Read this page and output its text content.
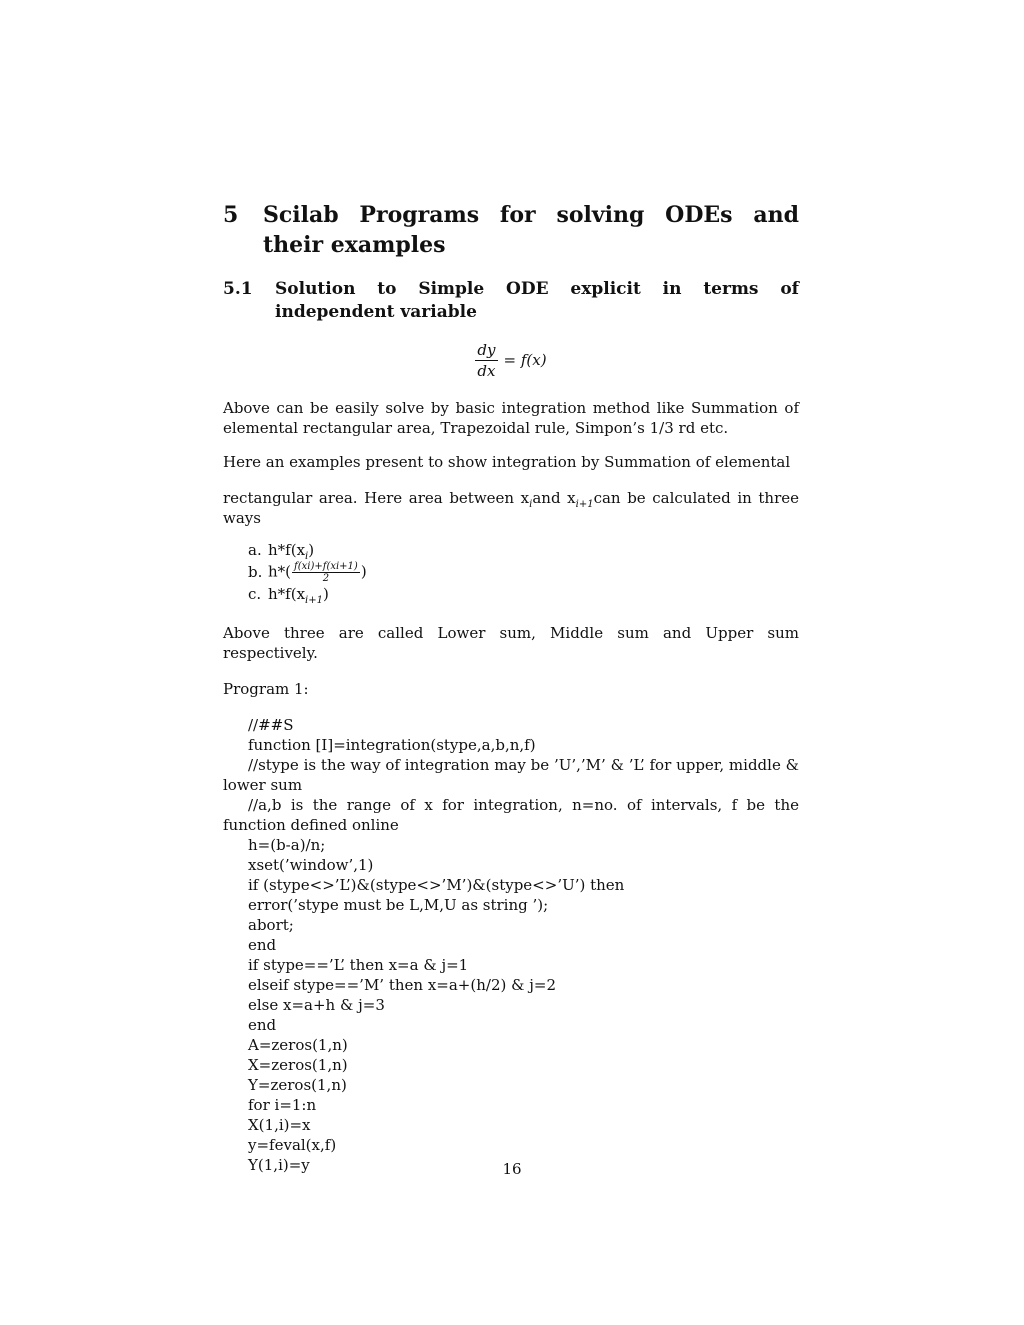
5	Scilab Programs for solving ODEs and their examples
5.1	Solution to Simple ODE explicit in terms of independent variable
$\frac{dy}{dx} = f(x)$
Above can be easily solve by basic integration method like Summation of elemental rectangular area, Trapezoidal rule, Simpon’s 1/3 rd etc.
Here an examples present to show integration by Summation of elemental
rectangular area. Here area between $x_iand$ $x_{i+1}can$ be calculated in three ways
a. $h*f(x_i)$
b. $h*( \frac{f(xi)+f(xi+1)}{2}$ )
c. $h*f(x_{i+1})$
Above three are called Lower sum, Middle sum and Upper sum respectively.
Program 1:
//##S
function [I]=integration(stype,a,b,n,f)
//stype is the way of integration may be ’U’,’M’ & ’L’ for upper, middle & lower sum
//a,b is the range of x for integration, n=no. of intervals, f be the function defined online
h=(b-a)/n;
xset(’window’,1)
if (stype<>’L’)&(stype<>’M’)&(stype<>’U’) then
error(’stype must be L,M,U as string ’);
abort;
end
if stype==’L’ then x=a & j=1
elseif stype==’M’ then x=a+(h/2) & j=2
else x=a+h & j=3
end
A=zeros(1,n)
X=zeros(1,n)
Y=zeros(1,n)
for i=1:n
X(1,i)=x
y=feval(x,f)
Y(1,i)=y	16
